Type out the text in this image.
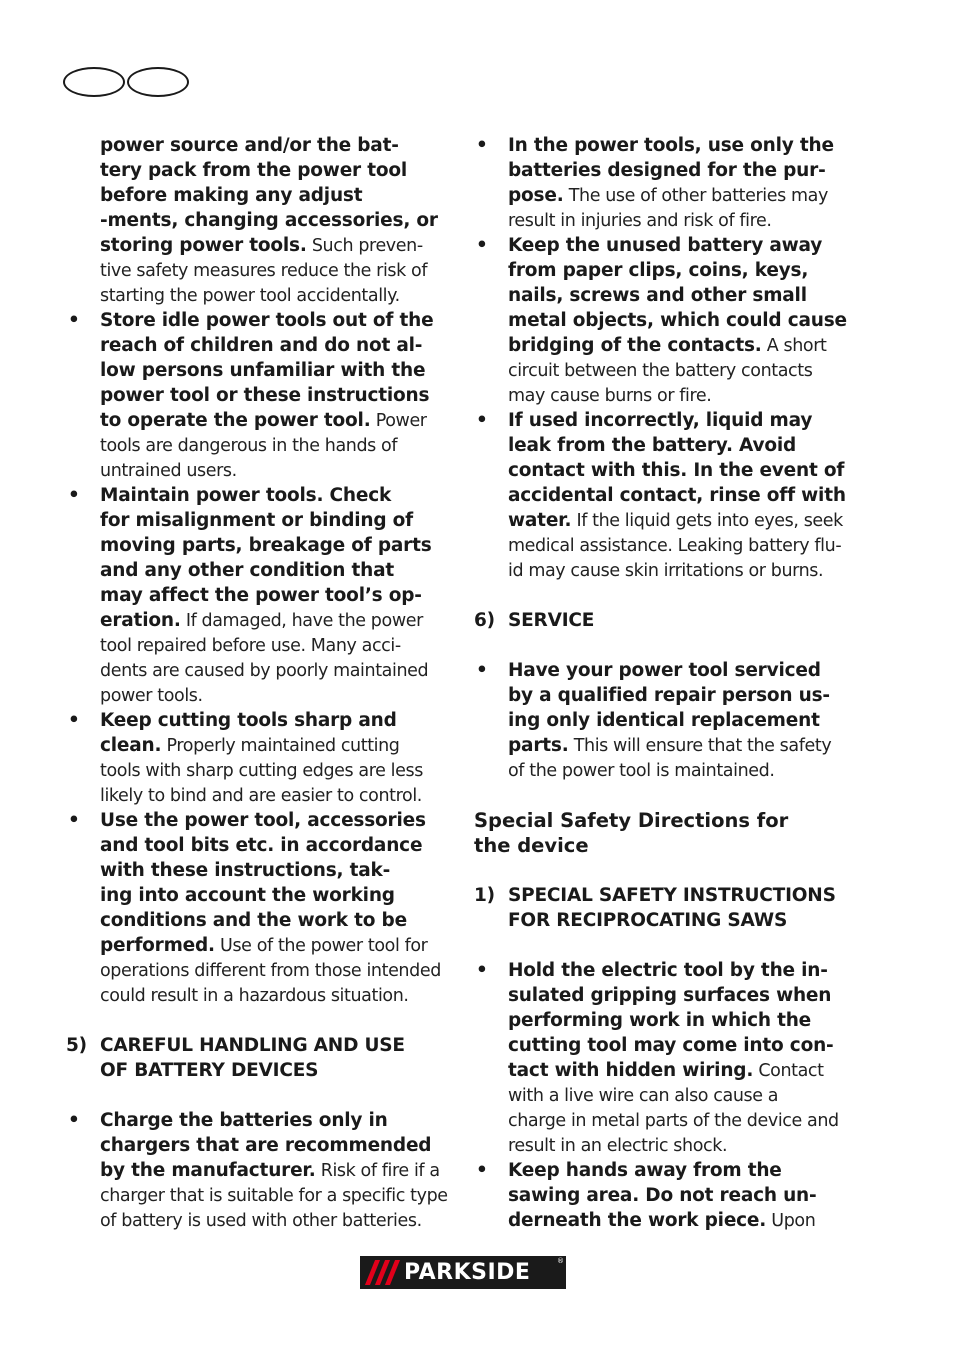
power source and/or the bat-
tery pack from the power tool
before making any adjust
-ments, changing accessories, or
storing power tools. Such preven-
tive safety measures reduce the risk of
starting the power tool accidentally.
• Store idle power tools out of the
reach of children and do not al-
low persons unfamiliar with the
power tool or these instructions
to operate the power tool. Power
tools are dangerous in the hands of
untrained users.
• Maintain power tools. Check
for misalignment or binding of
moving parts, breakage of parts
and any other condition that
may affect the power tool’s op-
eration. If damaged, have the power
tool repaired before use. Many acci-
dents are caused by poorly maintained
power tools.
• Keep cutting tools sharp and
clean. Properly maintained cutting
tools with sharp cutting edges are less
likely to bind and are easier to control.
• Use the power tool, accessories
and tool bits etc. in accordance
with these instructions, tak-
ing into account the working
conditions and the work to be
performed. Use of the power tool for
operations different from those intended
could result in a hazardous situation.
5) CAREFUL HANDLING AND USE
OF BATTERY DEVICES
• Charge the batteries only in
chargers that are recommended
by the manufacturer. Risk of fire if a
charger that is suitable for a specific type
of battery is used with other batteries.
• In the power tools, use only the
batteries designed for the pur-
pose. The use of other batteries may
result in injuries and risk of fire.
• Keep the unused battery away
from paper clips, coins, keys,
nails, screws and other small
metal objects, which could cause
bridging of the contacts. A short
circuit between the battery contacts
may cause burns or fire.
• If used incorrectly, liquid may
leak from the battery. Avoid
contact with this. In the event of
accidental contact, rinse off with
water. If the liquid gets into eyes, seek
medical assistance. Leaking battery flu-
id may cause skin irritations or burns.
6) SERVICE
• Have your power tool serviced
by a qualified repair person us-
ing only identical replacement
parts. This will ensure that the safety
of the power tool is maintained.
Special Safety Directions for
the device
1) SPECIAL SAFETY INSTRUCTIONS
FOR RECIPROCATING SAWS
• Hold the electric tool by the in-
sulated gripping surfaces when
performing work in which the
cutting tool may come into con-
tact with hidden wiring. Contact
with a live wire can also cause a
charge in metal parts of the device and
result in an electric shock.
• Keep hands away from the
sawing area. Do not reach un-
derneath the work piece. Upon
PARKSIDE	®
